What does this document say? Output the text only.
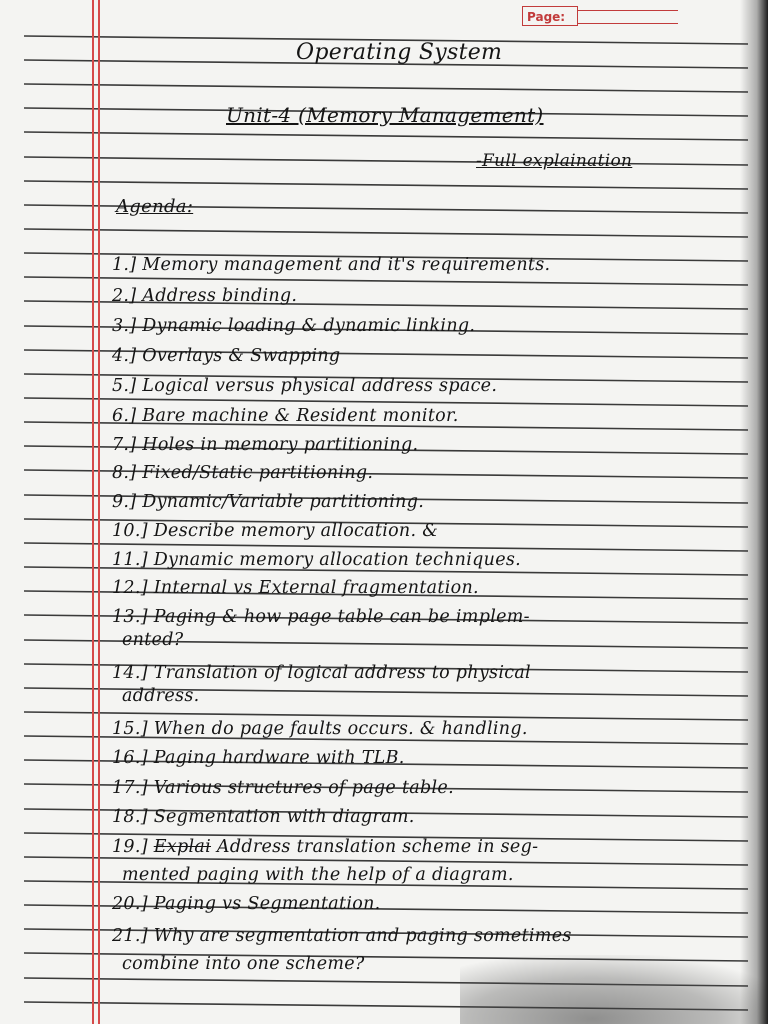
Page:
Operating System
Unit-4 (Memory Management)
-Full explaination
Agenda:
1.] Memory management and it's requirements.
2.] Address binding.
3.] Dynamic loading & dynamic linking.
4.] Overlays & Swapping
5.] Logical versus physical address space.
6.] Bare machine & Resident monitor.
7.] Holes in memory partitioning.
8.] Fixed/Static partitioning.
9.] Dynamic/Variable partitioning.
10.] Describe memory allocation. &
11.] Dynamic memory allocation techniques.
12.] Internal vs External fragmentation.
13.] Paging & how page table can be implem-
ented?
14.] Translation of logical address to physical
address.
15.] When do page faults occurs. & handling.
16.] Paging hardware with TLB.
17.] Various structures of page table.
18.] Segmentation with diagram.
19.] Explai Address translation scheme in seg-
mented paging with the help of a diagram.
20.] Paging vs Segmentation.
21.] Why are segmentation and paging sometimes
combine into one scheme?
